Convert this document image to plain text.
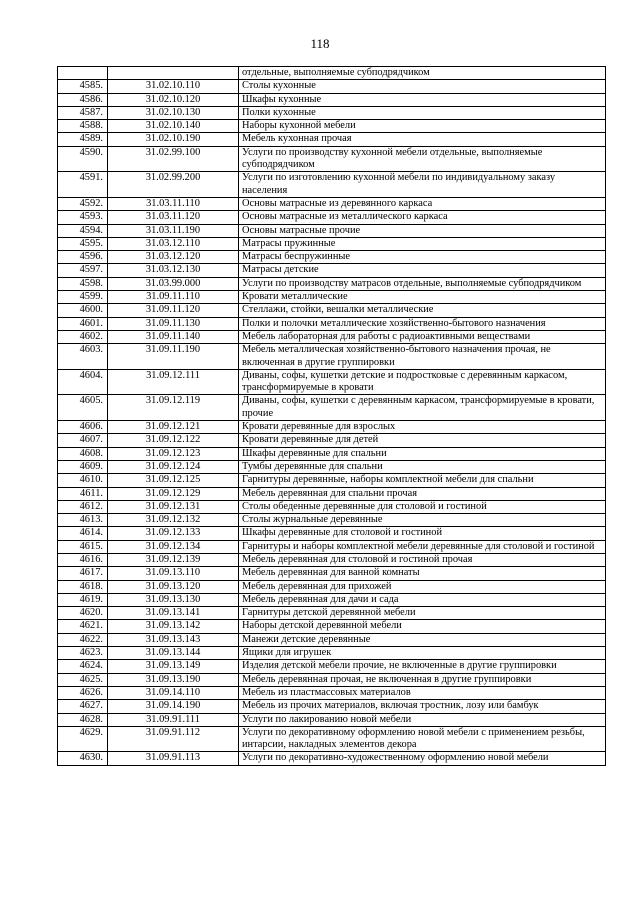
118
		отдельные, выполняемые субподрядчиком
4585.	31.02.10.110	Столы кухонные
4586.	31.02.10.120	Шкафы кухонные
4587.	31.02.10.130	Полки кухонные
4588.	31.02.10.140	Наборы кухонной мебели
4589.	31.02.10.190	Мебель кухонная прочая
4590.	31.02.99.100	Услуги по производству кухонной мебели отдельные, выполняемые субподрядчиком
4591.	31.02.99.200	Услуги по изготовлению кухонной мебели по индивидуальному заказу населения
4592.	31.03.11.110	Основы матрасные из деревянного каркаса
4593.	31.03.11.120	Основы матрасные из металлического каркаса
4594.	31.03.11.190	Основы матрасные прочие
4595.	31.03.12.110	Матрасы пружинные
4596.	31.03.12.120	Матрасы беспружинные
4597.	31.03.12.130	Матрасы детские
4598.	31.03.99.000	Услуги по производству матрасов отдельные, выполняемые субподрядчиком
4599.	31.09.11.110	Кровати металлические
4600.	31.09.11.120	Стеллажи, стойки, вешалки металлические
4601.	31.09.11.130	Полки и полочки металлические хозяйственно-бытового назначения
4602.	31.09.11.140	Мебель лабораторная для работы с радиоактивными веществами
4603.	31.09.11.190	Мебель металлическая хозяйственно-бытового назначения прочая, не включенная в другие группировки
4604.	31.09.12.111	Диваны, софы, кушетки детские и подростковые с деревянным каркасом, трансформируемые в кровати
4605.	31.09.12.119	Диваны, софы, кушетки с деревянным каркасом, трансформируемые в кровати, прочие
4606.	31.09.12.121	Кровати деревянные для взрослых
4607.	31.09.12.122	Кровати деревянные для детей
4608.	31.09.12.123	Шкафы деревянные для спальни
4609.	31.09.12.124	Тумбы деревянные для спальни
4610.	31.09.12.125	Гарнитуры деревянные, наборы комплектной мебели для спальни
4611.	31.09.12.129	Мебель деревянная для спальни прочая
4612.	31.09.12.131	Столы обеденные деревянные для столовой и гостиной
4613.	31.09.12.132	Столы журнальные деревянные
4614.	31.09.12.133	Шкафы деревянные для столовой и гостиной
4615.	31.09.12.134	Гарнитуры и наборы комплектной мебели деревянные для столовой и гостиной
4616.	31.09.12.139	Мебель деревянная для столовой и гостиной прочая
4617.	31.09.13.110	Мебель деревянная для ванной комнаты
4618.	31.09.13.120	Мебель деревянная для прихожей
4619.	31.09.13.130	Мебель деревянная для дачи и сада
4620.	31.09.13.141	Гарнитуры детской деревянной мебели
4621.	31.09.13.142	Наборы детской деревянной мебели
4622.	31.09.13.143	Манежи детские деревянные
4623.	31.09.13.144	Ящики для игрушек
4624.	31.09.13.149	Изделия детской мебели прочие, не включенные в другие группировки
4625.	31.09.13.190	Мебель деревянная прочая, не включенная в другие группировки
4626.	31.09.14.110	Мебель из пластмассовых материалов
4627.	31.09.14.190	Мебель из прочих материалов, включая тростник, лозу или бамбук
4628.	31.09.91.111	Услуги по лакированию новой мебели
4629.	31.09.91.112	Услуги по декоративному оформлению новой мебели с применением резьбы, интарсии, накладных элементов декора
4630.	31.09.91.113	Услуги по декоративно-художественному оформлению новой мебели
